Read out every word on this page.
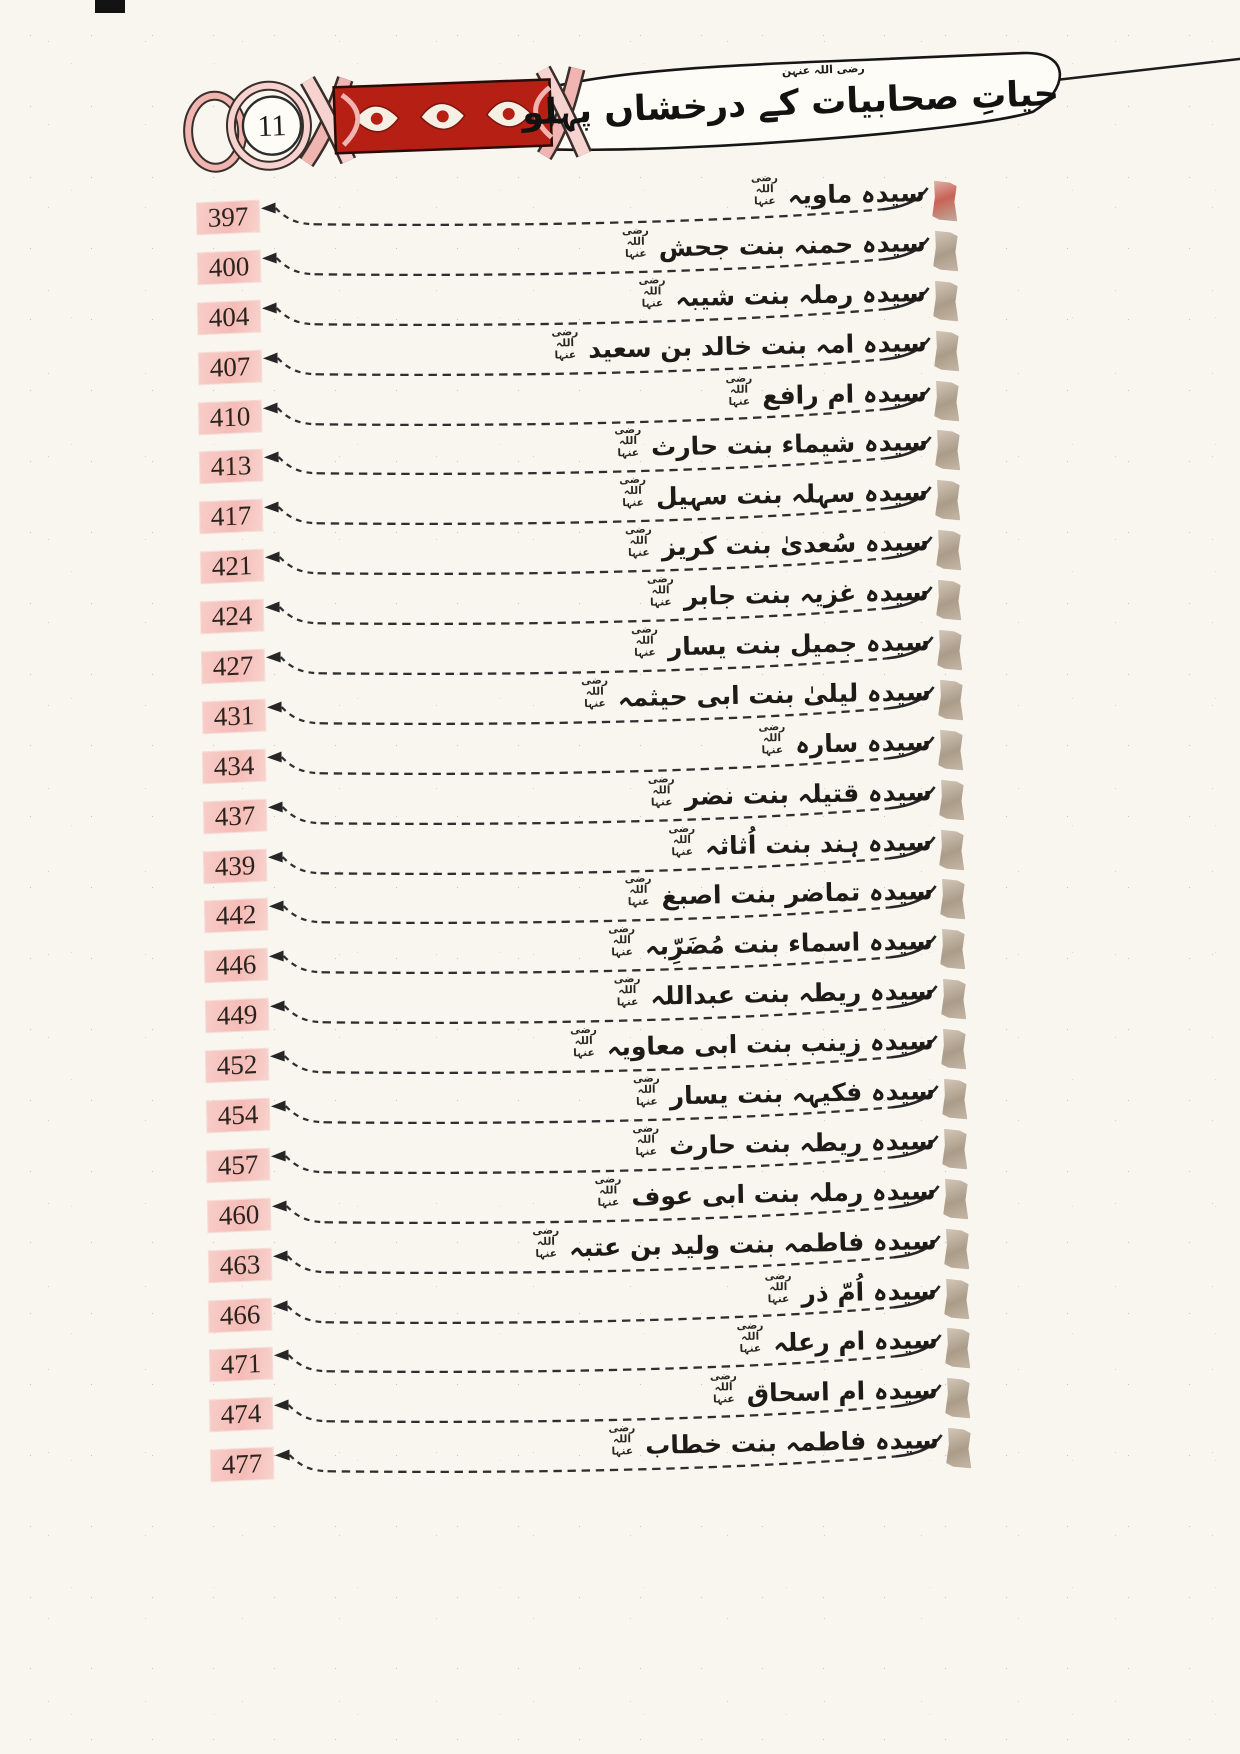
11
رضی اللہ عنہن
حیاتِ صحابیات کے درخشاں پہلو
397
سیدہ ماویہ
رضی اللہ عنہا
400
سیدہ حمنہ بنت جحش
رضی اللہ عنہا
404
سیدہ رملہ بنت شیبہ
رضی اللہ عنہا
407
سیدہ امہ بنت خالد بن سعید
رضی اللہ عنہا
410
سیدہ ام رافع
رضی اللہ عنہا
413
سیدہ شیماء بنت حارث
رضی اللہ عنہا
417
سیدہ سہلہ بنت سہیل
رضی اللہ عنہا
421
سیدہ سُعدیٰ بنت کریز
رضی اللہ عنہا
424
سیدہ غزیہ بنت جابر
رضی اللہ عنہا
427
سیدہ جمیل بنت یسار
رضی اللہ عنہا
431
سیدہ لیلیٰ بنت ابی حیثمہ
رضی اللہ عنہا
434
سیدہ سارہ
رضی اللہ عنہا
437
سیدہ قتیلہ بنت نضر
رضی اللہ عنہا
439
سیدہ ہند بنت اُثاثہ
رضی اللہ عنہا
442
سیدہ تماضر بنت اصبغ
رضی اللہ عنہا
446
سیدہ اسماء بنت مُضَرِّبہ
رضی اللہ عنہا
449
سیدہ ریطہ بنت عبداللہ
رضی اللہ عنہا
452
سیدہ زینب بنت ابی معاویہ
رضی اللہ عنہا
454
سیدہ فکیہہ بنت یسار
رضی اللہ عنہا
457
سیدہ ریطہ بنت حارث
رضی اللہ عنہا
460
سیدہ رملہ بنت ابی عوف
رضی اللہ عنہا
463
سیدہ فاطمہ بنت ولید بن عتبہ
رضی اللہ عنہا
466
سیدہ اُمّ ذر
رضی اللہ عنہا
471
سیدہ ام رعلہ
رضی اللہ عنہا
474
سیدہ ام اسحاق
رضی اللہ عنہا
477
سیدہ فاطمہ بنت خطاب
رضی اللہ عنہا
